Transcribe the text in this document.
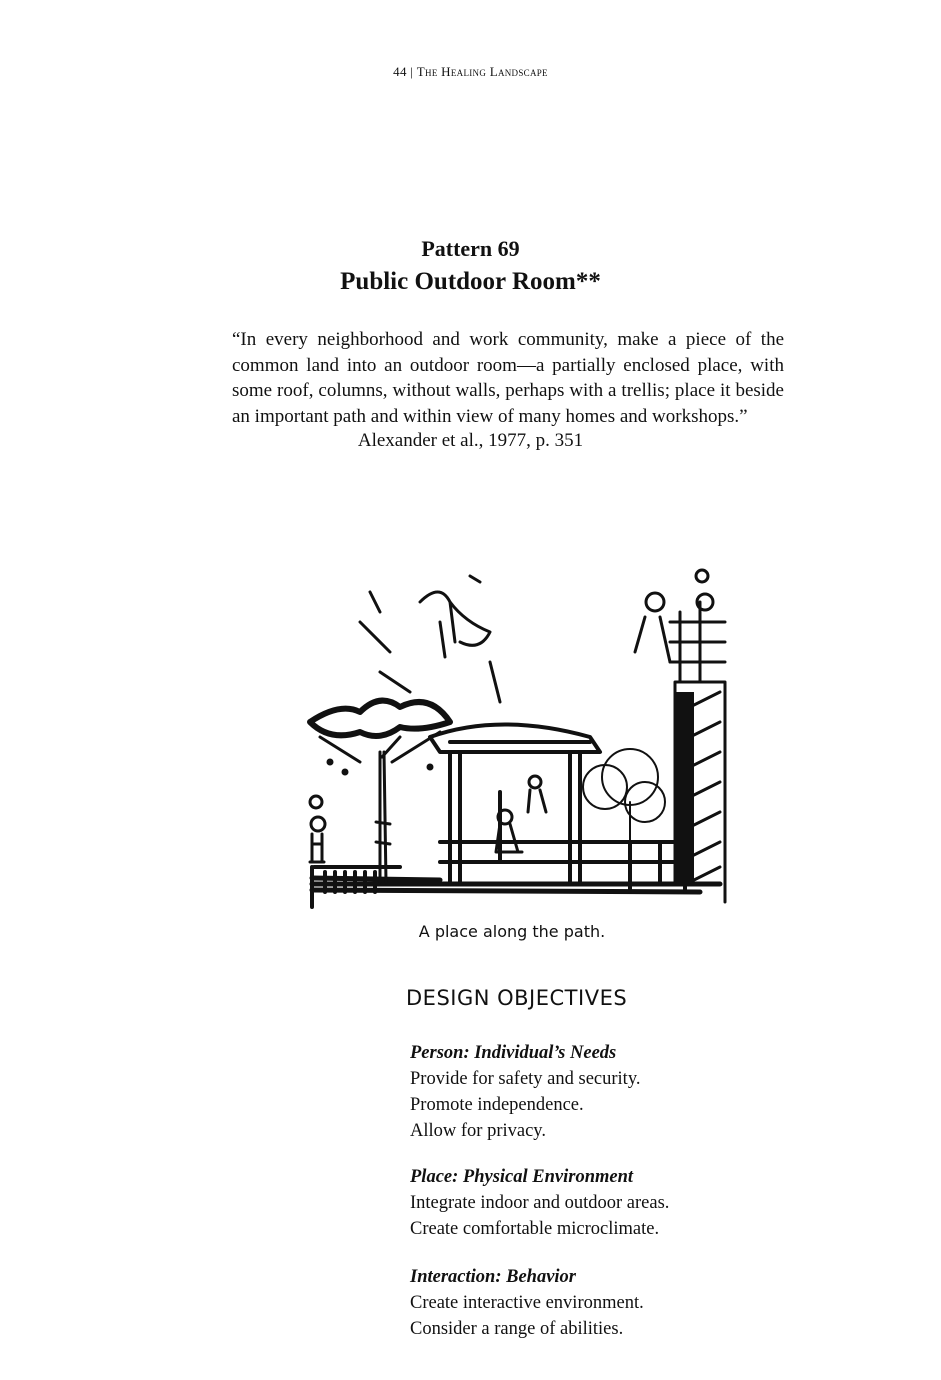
44 | The Healing Landscape
Pattern 69
Public Outdoor Room**
“In every neighborhood and work community, make a piece of the common land into an outdoor room—a partially enclosed place, with some roof, columns, without walls, perhaps with a trellis; place it beside an important path and within view of many homes and workshops.”
Alexander et al., 1977, p. 351
A place along the path.
DESIGN OBJECTIVES
Person: Individual’s Needs
Provide for safety and security.
Promote independence.
Allow for privacy.
Place: Physical Environment
Integrate indoor and outdoor areas.
Create comfortable microclimate.
Interaction: Behavior
Create interactive environment.
Consider a range of abilities.
